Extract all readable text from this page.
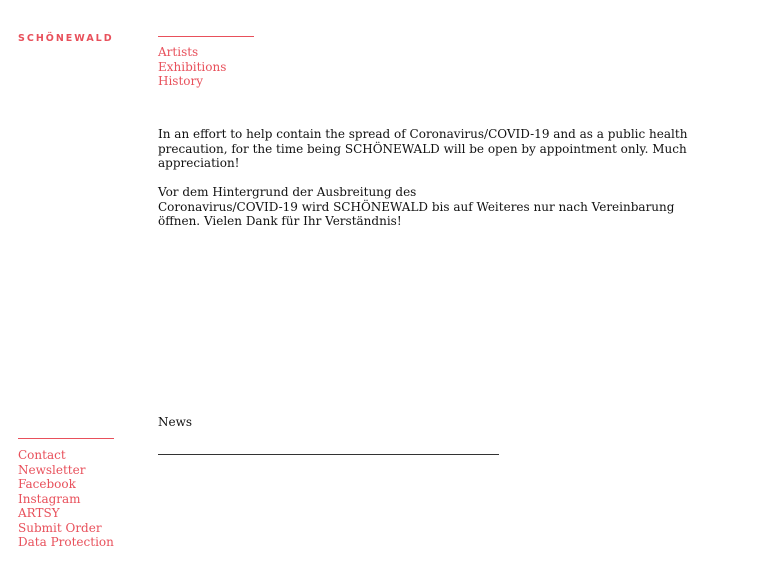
SCHÖNEWALD
Artists
Exhibitions
History

In an effort to help contain the spread of Coronavirus/COVID-19 and as a public health precaution, for the time being SCHÖNEWALD will be open by appointment only. Much appreciation!

Vor dem Hintergrund der Ausbreitung des
Coronavirus/COVID-19 wird SCHÖNEWALD bis auf Weiteres nur nach Vereinbarung öffnen. Vielen Dank für Ihr Verständnis!

News
Contact
Newsletter
Facebook
Instagram
ARTSY
Submit Order
Data Protection
